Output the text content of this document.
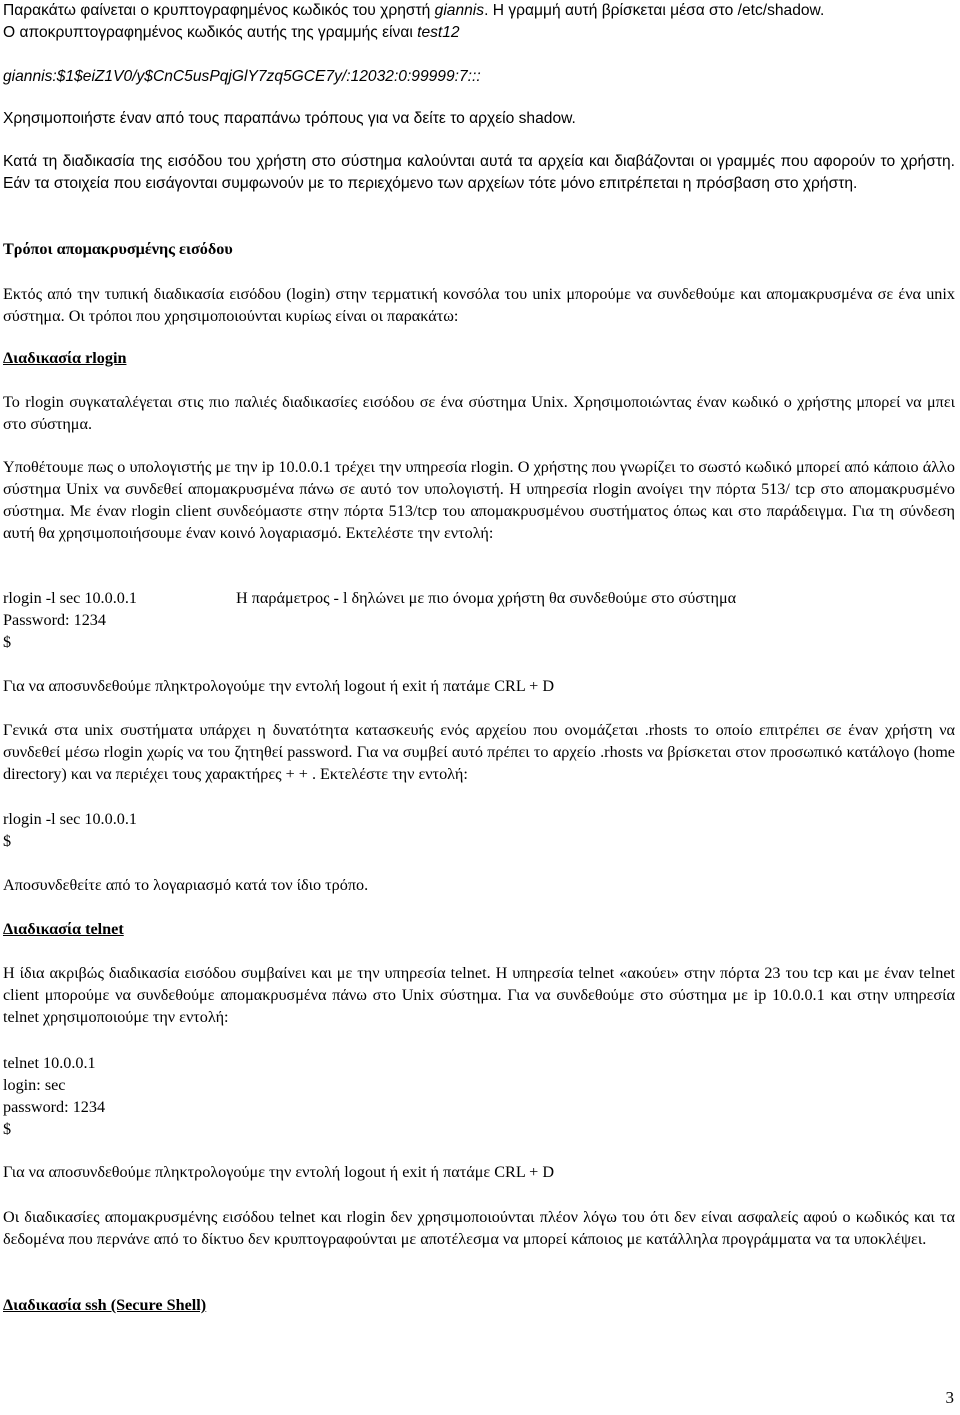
Παρακάτω φαίνεται ο κρυπτογραφημένος κωδικός του χρηστή giannis. Η γραμμή αυτή βρίσκεται μέσα στο /etc/shadow.
Ο αποκρυπτογραφημένος κωδικός αυτής της γραμμής είναι test12

giannis:$1$eiZ1V0/y$CnC5usPqjGlY7zq5GCE7y/:12032:0:99999:7:::

Χρησιμοποιήστε έναν από τους παραπάνω τρόπους για να δείτε το αρχείο shadow.

Κατά τη διαδικασία της εισόδου του χρήστη στο σύστημα καλούνται αυτά τα αρχεία και διαβάζονται οι γραμμές που αφορούν το χρήστη. Εάν τα στοιχεία που εισάγονται συμφωνούν με το περιεχόμενο των αρχείων τότε μόνο επιτρέπεται η πρόσβαση στο χρήστη.

Τρόποι απομακρυσμένης εισόδου

Εκτός από την τυπική διαδικασία εισόδου (login) στην τερματική κονσόλα του unix μπορούμε να συνδεθούμε και απομακρυσμένα σε ένα unix σύστημα. Οι τρόποι που χρησιμοποιούνται κυρίως είναι οι παρακάτω:

Διαδικασία rlogin

Το rlogin συγκαταλέγεται στις πιο παλιές διαδικασίες εισόδου σε ένα σύστημα Unix. Χρησιμοποιώντας έναν κωδικό ο χρήστης μπορεί να μπει στο σύστημα.

Υποθέτουμε πως ο υπολογιστής με την ip 10.0.0.1 τρέχει την υπηρεσία rlogin. Ο χρήστης που γνωρίζει το σωστό κωδικό μπορεί από κάποιο άλλο σύστημα Unix να συνδεθεί απομακρυσμένα πάνω σε αυτό τον υπολογιστή. Η υπηρεσία rlogin ανοίγει την πόρτα 513/ tcp στο απομακρυσμένο σύστημα. Με έναν rlogin client συνδεόμαστε στην πόρτα 513/tcp του απομακρυσμένου συστήματος όπως και στο παράδειγμα. Για τη σύνδεση αυτή θα χρησιμοποιήσουμε έναν κοινό λογαριασμό. Εκτελέστε την εντολή:

rlogin -l sec 10.0.0.1	Η παράμετρος - l δηλώνει με πιο όνομα χρήστη θα συνδεθούμε στο σύστημα
Password: 1234
$

Για να αποσυνδεθούμε πληκτρολογούμε την εντολή logout ή exit ή πατάμε CRL + D

Γενικά στα unix συστήματα υπάρχει η δυνατότητα κατασκευής ενός αρχείου που ονομάζεται .rhosts το οποίο επιτρέπει σε έναν χρήστη να συνδεθεί μέσω rlogin χωρίς να του ζητηθεί password. Για να συμβεί αυτό πρέπει το αρχείο .rhosts να βρίσκεται στον προσωπικό κατάλογο (home directory) και να περιέχει τους χαρακτήρες + + . Εκτελέστε την εντολή:

rlogin -l sec 10.0.0.1
$

Αποσυνδεθείτε από το λογαριασμό κατά τον ίδιο τρόπο.

Διαδικασία telnet

Η ίδια ακριβώς διαδικασία εισόδου συμβαίνει και με την υπηρεσία telnet. Η υπηρεσία telnet «ακούει» στην πόρτα 23 του tcp και με έναν telnet client μπορούμε να συνδεθούμε απομακρυσμένα πάνω στο Unix σύστημα. Για να συνδεθούμε στο σύστημα με ip 10.0.0.1 και στην υπηρεσία telnet χρησιμοποιούμε την εντολή:

telnet 10.0.0.1
login: sec
password: 1234
$

Για να αποσυνδεθούμε πληκτρολογούμε την εντολή logout ή exit ή πατάμε CRL + D

Οι διαδικασίες απομακρυσμένης εισόδου telnet και rlogin δεν χρησιμοποιούνται πλέον λόγω του ότι δεν είναι ασφαλείς αφού ο κωδικός και τα δεδομένα που περνάνε από το δίκτυο δεν κρυπτογραφούνται με αποτέλεσμα να μπορεί κάποιος με κατάλληλα προγράμματα να τα υποκλέψει.

Διαδικασία ssh (Secure Shell)

3
